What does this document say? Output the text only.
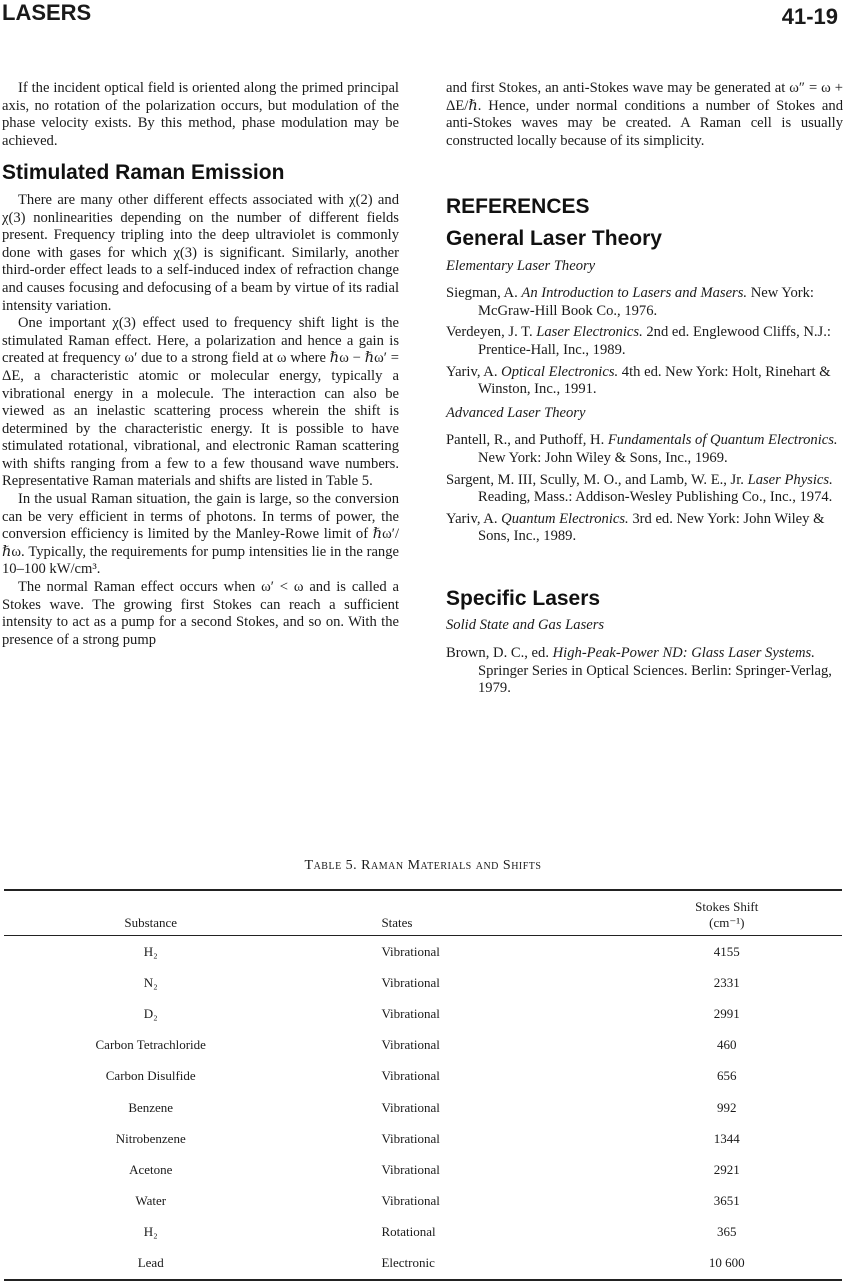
LASERS	41-19

If the incident optical field is oriented along the primed principal axis, no rotation of the polarization occurs, but modulation of the phase velocity exists. By this method, phase modulation may be achieved.

Stimulated Raman Emission

There are many other different effects associated with χ(2) and χ(3) nonlinearities depending on the number of different fields present. Frequency tripling into the deep ultraviolet is commonly done with gases for which χ(3) is significant. Similarly, another third-order effect leads to a self-induced index of refraction change and causes focusing and defocusing of a beam by virtue of its radial intensity variation.

One important χ(3) effect used to frequency shift light is the stimulated Raman effect. Here, a polarization and hence a gain is created at frequency ω′ due to a strong field at ω where ℏω − ℏω′ = ΔE, a characteristic atomic or molecular energy, typically a vibrational energy in a molecule. The interaction can also be viewed as an inelastic scattering process wherein the shift is determined by the characteristic energy. It is possible to have stimulated rotational, vibrational, and electronic Raman scattering with shifts ranging from a few to a few thousand wave numbers. Representative Raman materials and shifts are listed in Table 5.

In the usual Raman situation, the gain is large, so the conversion can be very efficient in terms of photons. In terms of power, the conversion efficiency is limited by the Manley-Rowe limit of ℏω′/ℏω. Typically, the requirements for pump intensities lie in the range 10–100 kW/cm³.

The normal Raman effect occurs when ω′ < ω and is called a Stokes wave. The growing first Stokes can reach a sufficient intensity to act as a pump for a second Stokes, and so on. With the presence of a strong pump

and first Stokes, an anti-Stokes wave may be generated at ω″ = ω + ΔE/ℏ. Hence, under normal conditions a number of Stokes and anti-Stokes waves may be created. A Raman cell is usually constructed locally because of its simplicity.

REFERENCES
General Laser Theory
Elementary Laser Theory

Siegman, A. An Introduction to Lasers and Masers. New York: McGraw-Hill Book Co., 1976.

Verdeyen, J. T. Laser Electronics. 2nd ed. Englewood Cliffs, N.J.: Prentice-Hall, Inc., 1989.

Yariv, A. Optical Electronics. 4th ed. New York: Holt, Rinehart & Winston, Inc., 1991.

Advanced Laser Theory

Pantell, R., and Puthoff, H. Fundamentals of Quantum Electronics. New York: John Wiley & Sons, Inc., 1969.

Sargent, M. III, Scully, M. O., and Lamb, W. E., Jr. Laser Physics. Reading, Mass.: Addison-Wesley Publishing Co., Inc., 1974.

Yariv, A. Quantum Electronics. 3rd ed. New York: John Wiley & Sons, Inc., 1989.

Specific Lasers
Solid State and Gas Lasers

Brown, D. C., ed. High-Peak-Power ND: Glass Laser Systems. Springer Series in Optical Sciences. Berlin: Springer-Verlag, 1979.

Table 5. Raman Materials and Shifts
Substance	States	Stokes Shift
(cm⁻¹)

H₂	Vibrational	4155
N₂	Vibrational	2331
D₂	Vibrational	2991
Carbon Tetrachloride	Vibrational	460
Carbon Disulfide	Vibrational	656
Benzene	Vibrational	992
Nitrobenzene	Vibrational	1344
Acetone	Vibrational	2921
Water	Vibrational	3651
H₂	Rotational	365
Lead	Electronic	10 600
